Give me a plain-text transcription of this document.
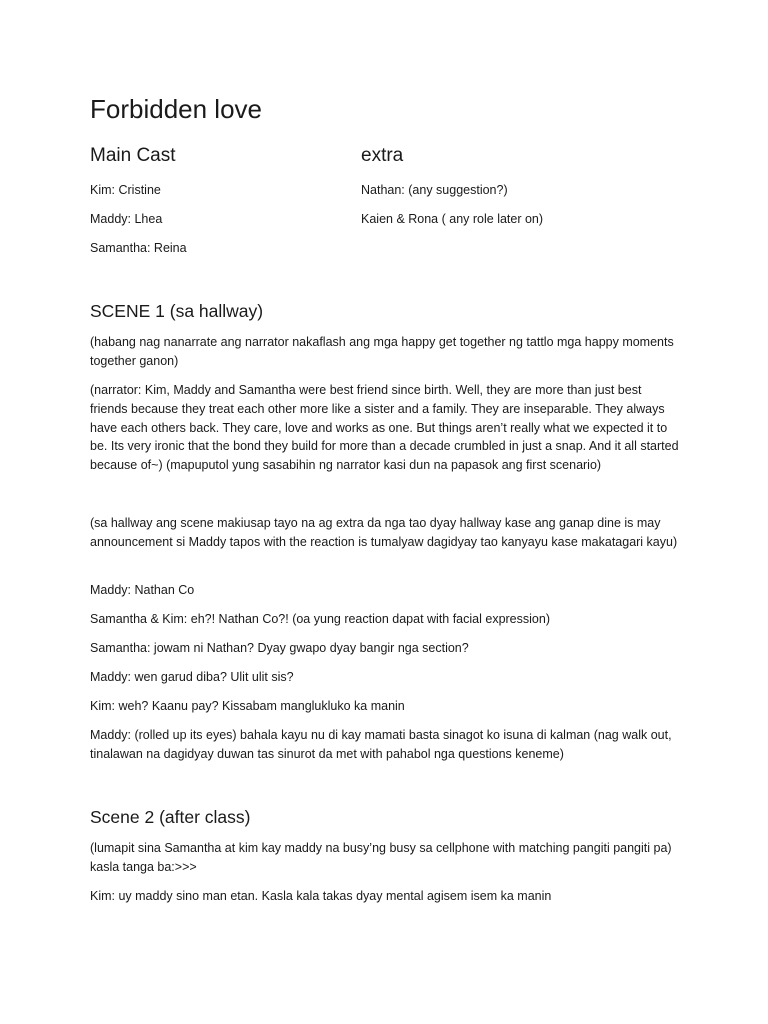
Forbidden love
Main Cast	extra
Kim: Cristine
Maddy: Lhea
Samantha: Reina
Nathan: (any suggestion?)
Kaien & Rona ( any role later on)
SCENE 1 (sa hallway)
(habang nag nanarrate ang narrator nakaflash ang mga happy get together ng tattlo mga happy moments together ganon)
(narrator: Kim, Maddy and Samantha were best friend since birth. Well, they are more than just best friends because they treat each other more like a sister and a family. They are inseparable. They always have each others back. They care, love and works as one. But things aren’t really what we expected it to be. Its very ironic that the bond they build for more than a decade crumbled in just a snap. And it all started because of~) (mapuputol yung sasabihin ng narrator kasi dun na papasok ang first scenario)
(sa hallway ang scene makiusap tayo na ag extra da nga tao dyay hallway kase ang ganap dine is may announcement si Maddy tapos with the reaction is tumalyaw dagidyay tao kanyayu kase makatagari kayu)
Maddy: Nathan Co
Samantha & Kim: eh?! Nathan Co?! (oa yung reaction dapat with facial expression)
Samantha: jowam ni Nathan? Dyay gwapo dyay bangir nga section?
Maddy: wen garud diba? Ulit ulit sis?
Kim: weh? Kaanu pay? Kissabam manglukluko ka manin
Maddy: (rolled up its eyes) bahala kayu nu di kay mamati basta sinagot ko isuna di kalman (nag walk out, tinalawan na dagidyay duwan tas sinurot da met with pahabol nga questions keneme)
Scene 2 (after class)
(lumapit sina Samantha at kim kay maddy na busy’ng busy sa cellphone with matching pangiti pangiti pa) kasla tanga ba:>>>
Kim: uy maddy sino man etan. Kasla kala takas dyay mental agisem isem ka manin
